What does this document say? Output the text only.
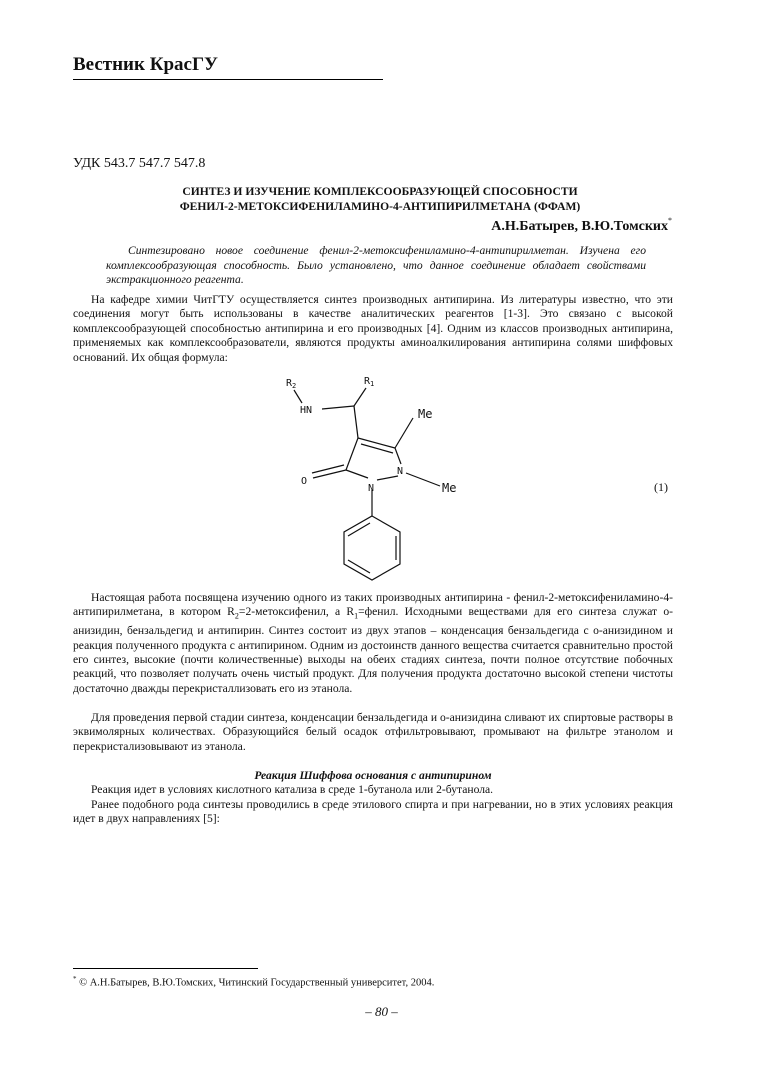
Вестник КрасГУ
УДК 543.7 547.7 547.8
СИНТЕЗ И ИЗУЧЕНИЕ КОМПЛЕКСООБРАЗУЮЩЕЙ СПОСОБНОСТИ
ФЕНИЛ-2-МЕТОКСИФЕНИЛАМИНО-4-АНТИПИРИЛМЕТАНА (ФФАМ)
А.Н.Батырев, В.Ю.Томских*
Синтезировано новое соединение фенил-2-метоксифениламино-4-антипирилметан. Изучена его комплексообразующая способность. Было установлено, что данное соединение обладает свойствами экстракционного реагента.
На кафедре химии ЧитГТУ осуществляется синтез производных антипирина. Из литературы известно, что эти соединения могут быть использованы в качестве аналитических реагентов [1-3]. Это связано с высокой комплексообразующей способностью антипирина и его производных [4]. Одним из классов производных антипирина, применяемых как комплексообразователи, являются продукты аминоалкилирования антипирина солями шиффовых оснований. Их общая формула:
$R_2$	$R_1$
HN	Me
N
Me
O
N	(1)
Настоящая работа посвящена изучению одного из таких производных антипирина - фенил-2-метоксифениламино-4-антипирилметана, в котором $R_2=2$-метоксифенил, а $R_1=фенил$. Исходными веществами для его синтеза служат о-анизидин, бензальдегид и антипирин. Синтез состоит из двух этапов – конденсация бензальдегида с о-анизидином и реакция полученного продукта с антипирином. Одним из достоинств данного вещества считается сравнительно простой его синтез, высокие (почти количественные) выходы на обеих стадиях синтеза, почти полное отсутствие побочных реакций, что позволяет получать очень чистый продукт. Для получения продукта достаточно высокой степени чистоты достаточно дважды перекристаллизовать его из этанола.
Для проведения первой стадии синтеза, конденсации бензальдегида и о-анизидина сливают их спиртовые растворы в эквимолярных количествах. Образующийся белый осадок отфильтровывают, промывают на фильтре этанолом и перекристализовывают из этанола.
Реакция Шиффова основания с антипирином
Реакция идет в условиях кислотного катализа в среде 1-бутанола или 2-бутанола.
Ранее подобного рода синтезы проводились в среде этилового спирта и при нагревании, но в этих условиях реакция идет в двух направлениях [5]:
* © А.Н.Батырев, В.Ю.Томских, Читинский Государственный университет, 2004.
– 80 –
